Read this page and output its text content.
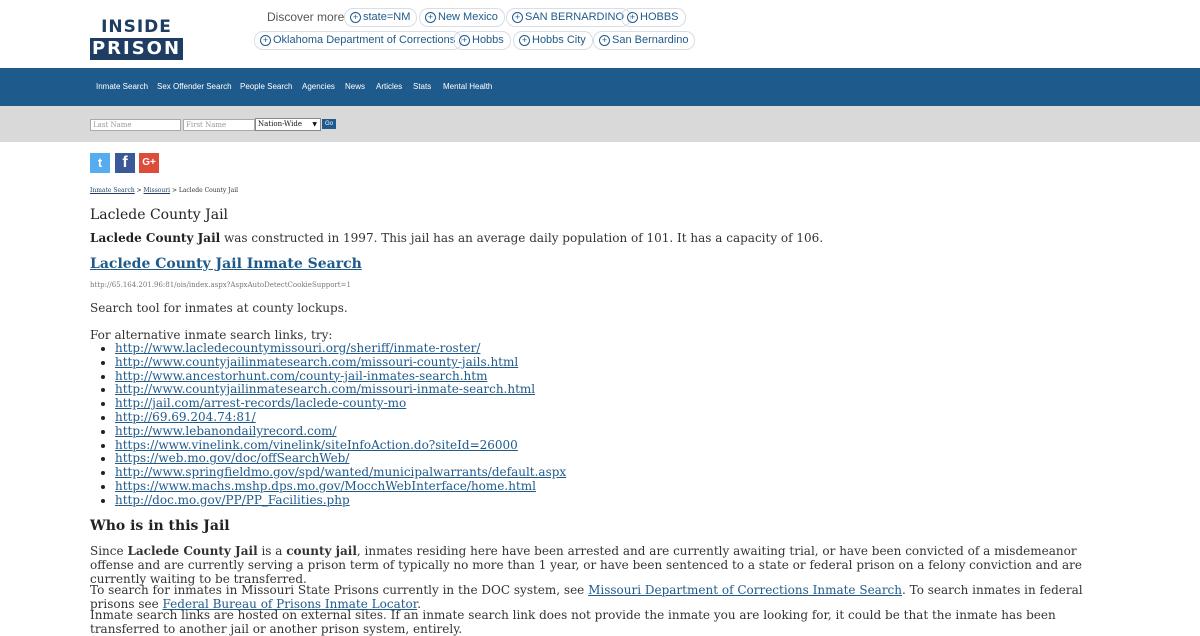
INSIDE
PRISON
Discover more + state=NM	+ New Mexico	+ SAN BERNARDINO + HOBBS
+ Oklahoma Department of Corrections + Hobbs	+ Hobbs City	+ San Bernardino
Inmate Search Sex Offender Search People Search Agencies News Articles Stats Mental Health
Last Name	First Name	Nation-Wide ▼	Go
t	f	G+
Inmate Search > Missouri > Laclede County Jail
Laclede County Jail
Laclede County Jail was constructed in 1997. This jail has an average daily population of 101. It has a capacity of 106.
Laclede County Jail Inmate Search
http://65.164.201.96:81/ois/index.aspx?AspxAutoDetectCookieSupport=1
Search tool for inmates at county lockups.
For alternative inmate search links, try:
• http://www.lacledecountymissouri.org/sheriff/inmate-roster/
• http://www.countyjailinmatesearch.com/missouri-county-jails.html
• http://www.ancestorhunt.com/county-jail-inmates-search.htm
• http://www.countyjailinmatesearch.com/missouri-inmate-search.html
• http://jail.com/arrest-records/laclede-county-mo
• http://69.69.204.74:81/
• http://www.lebanondailyrecord.com/
• https://www.vinelink.com/vinelink/siteInfoAction.do?siteId=26000
• https://web.mo.gov/doc/offSearchWeb/
• http://www.springfieldmo.gov/spd/wanted/municipalwarrants/default.aspx
• https://www.machs.mshp.dps.mo.gov/MocchWebInterface/home.html
• http://doc.mo.gov/PP/PP_Facilities.php
Who is in this Jail
Since Laclede County Jail is a county jail, inmates residing here have been arrested and are currently awaiting trial, or have been convicted of a misdemeanor offense and are currently serving a prison term of typically no more than 1 year, or have been sentenced to a state or federal prison on a felony conviction and are currently waiting to be transferred.
To search for inmates in Missouri State Prisons currently in the DOC system, see Missouri Department of Corrections Inmate Search. To search inmates in federal prisons see Federal Bureau of Prisons Inmate Locator.
Inmate search links are hosted on external sites. If an inmate search link does not provide the inmate you are looking for, it could be that the inmate has been transferred to another jail or another prison system, entirely.
